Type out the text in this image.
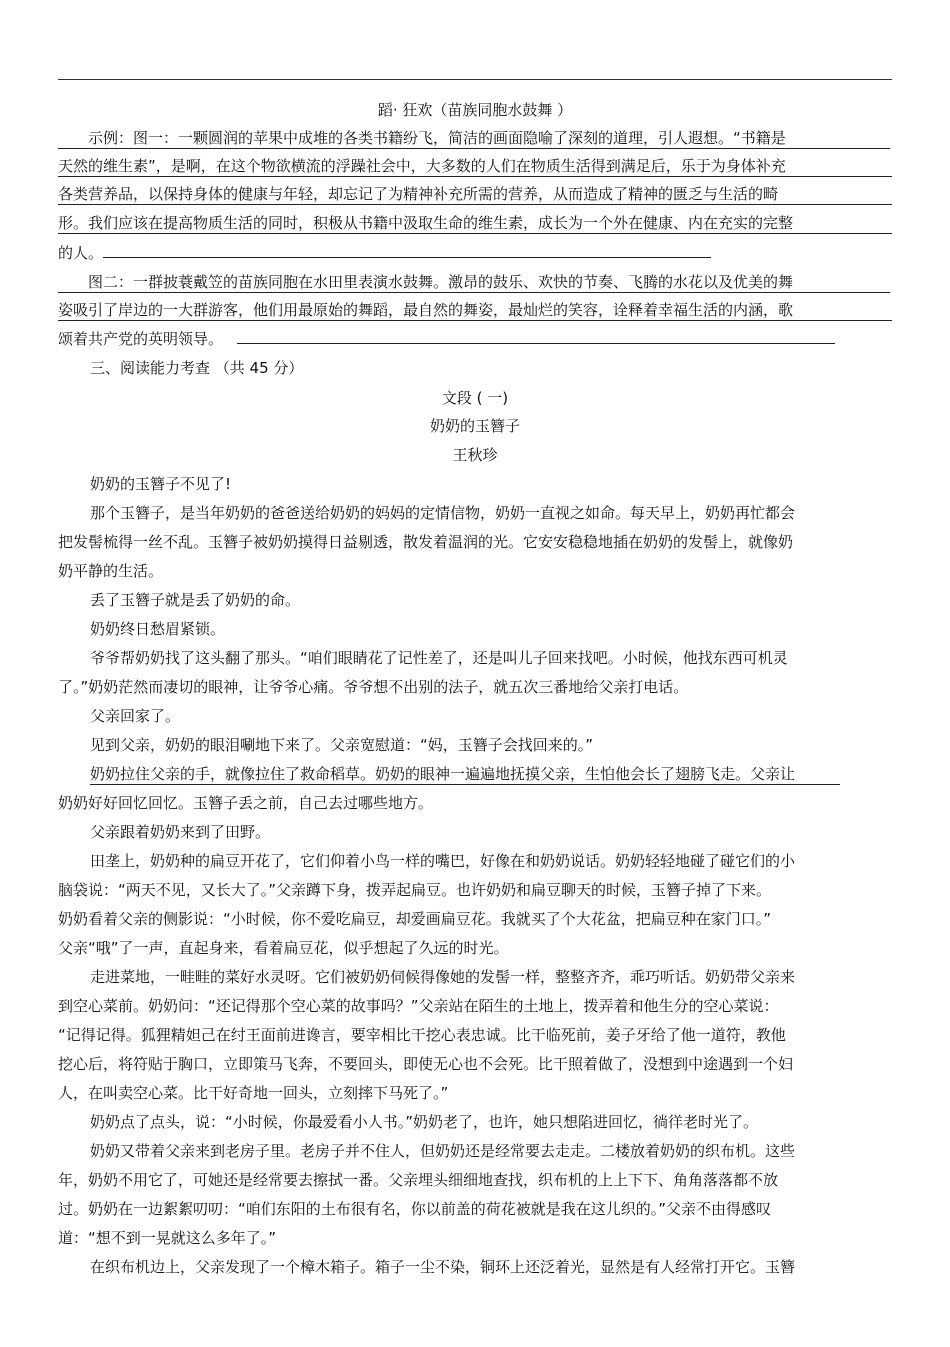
蹈· 狂欢（苗族同胞水鼓舞 ）
示例：图一：一颗圆润的苹果中成堆的各类书籍纷飞，简洁的画面隐喻了深刻的道理，引人遐想。“书籍是
天然的维生素”，是啊，在这个物欲横流的浮躁社会中，大多数的人们在物质生活得到满足后，乐于为身体补充
各类营养品，以保持身体的健康与年轻，却忘记了为精神补充所需的营养，从而造成了精神的匮乏与生活的畸
形。我们应该在提高物质生活的同时，积极从书籍中汲取生命的维生素，成长为一个外在健康、内在充实的完整
的人。
图二：一群披蓑戴笠的苗族同胞在水田里表演水鼓舞。激昂的鼓乐、欢快的节奏、飞腾的水花以及优美的舞
姿吸引了岸边的一大群游客，他们用最原始的舞蹈，最自然的舞姿，最灿烂的笑容，诠释着幸福生活的内涵，歌
颂着共产党的英明领导。
三、阅读能力考查 （共 45 分）
文段 ( 一)
奶奶的玉簪子
王秋珍
奶奶的玉簪子不见了!
那个玉簪子，是当年奶奶的爸爸送给奶奶的妈妈的定情信物，奶奶一直视之如命。每天早上，奶奶再忙都会
把发髻梳得一丝不乱。玉簪子被奶奶摸得日益剔透，散发着温润的光。它安安稳稳地插在奶奶的发髻上，就像奶
奶平静的生活。
丢了玉簪子就是丢了奶奶的命。
奶奶终日愁眉紧锁。
爷爷帮奶奶找了这头翻了那头。“咱们眼睛花了记性差了，还是叫儿子回来找吧。小时候，他找东西可机灵
了。”奶奶茫然而凄切的眼神，让爷爷心痛。爷爷想不出别的法子，就五次三番地给父亲打电话。
父亲回家了。
见到父亲，奶奶的眼泪唰地下来了。父亲宽慰道：“妈，玉簪子会找回来的。”
奶奶拉住父亲的手，就像拉住了救命稻草。奶奶的眼神一遍遍地抚摸父亲，生怕他会长了翅膀飞走。父亲让
奶奶好好回忆回忆。玉簪子丢之前，自己去过哪些地方。
父亲跟着奶奶来到了田野。
田垄上，奶奶种的扁豆开花了，它们仰着小鸟一样的嘴巴，好像在和奶奶说话。奶奶轻轻地碰了碰它们的小
脑袋说：“两天不见，又长大了。”父亲蹲下身，拨弄起扁豆。也许奶奶和扁豆聊天的时候，玉簪子掉了下来。
奶奶看着父亲的侧影说：“小时候，你不爱吃扁豆，却爱画扁豆花。我就买了个大花盆，把扁豆种在家门口。”
父亲“哦”了一声，直起身来，看着扁豆花，似乎想起了久远的时光。
走进菜地，一畦畦的菜好水灵呀。它们被奶奶伺候得像她的发髻一样，整整齐齐，乖巧听话。奶奶带父亲来
到空心菜前。奶奶问：“还记得那个空心菜的故事吗？”父亲站在陌生的土地上，拨弄着和他生分的空心菜说：
“记得记得。狐狸精妲己在纣王面前进谗言，要宰相比干挖心表忠诚。比干临死前，姜子牙给了他一道符，教他
挖心后，将符贴于胸口，立即策马飞奔，不要回头，即使无心也不会死。比干照着做了，没想到中途遇到一个妇
人，在叫卖空心菜。比干好奇地一回头，立刻摔下马死了。”
奶奶点了点头，说：“小时候，你最爱看小人书。”奶奶老了，也许，她只想陷进回忆，徜徉老时光了。
奶奶又带着父亲来到老房子里。老房子并不住人，但奶奶还是经常要去走走。二楼放着奶奶的织布机。这些
年，奶奶不用它了，可她还是经常要去擦拭一番。父亲埋头细细地查找，织布机的上上下下、角角落落都不放
过。奶奶在一边絮絮叨叨：“咱们东阳的土布很有名，你以前盖的荷花被就是我在这儿织的。”父亲不由得感叹
道：“想不到一晃就这么多年了。”
在织布机边上，父亲发现了一个樟木箱子。箱子一尘不染，铜环上还泛着光，显然是有人经常打开它。玉簪
